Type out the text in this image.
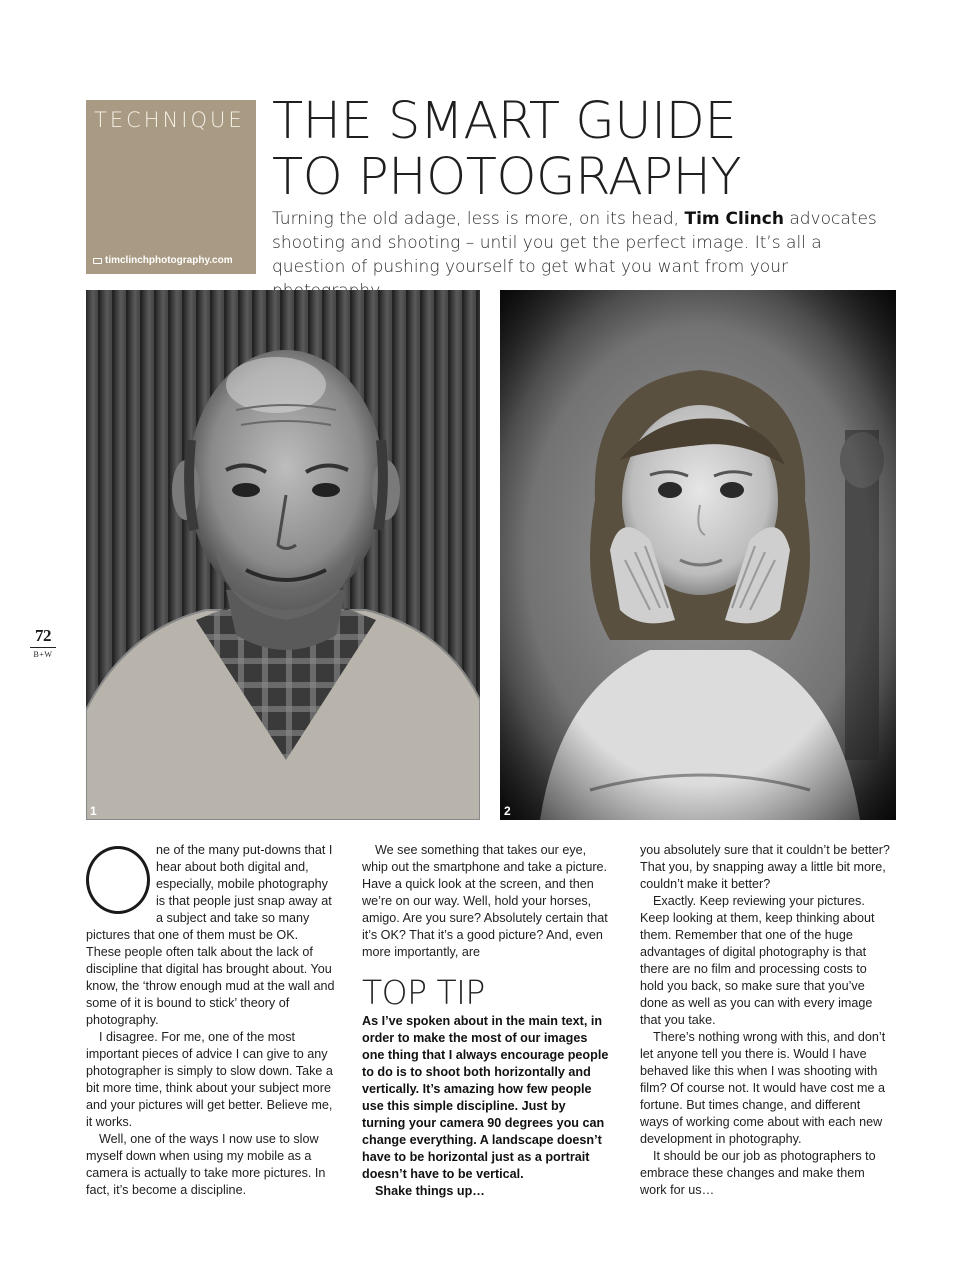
TECHNIQUE
timclinchphotography.com
THE SMART GUIDE
TO PHOTOGRAPHY

Turning the old adage, less is more, on its head, Tim Clinch advocates shooting and shooting – until you get the perfect image. It’s all a question of pushing yourself to get what you want from your

1	2
72
B+W

ne of the many put-downs that I hear about both digital and, especially, mobile photography is that people just snap away at a subject and take so many pictures that one of them must be OK. These people often talk about the lack of discipline that digital has brought about. You know, the ‘throw enough mud at the wall and some of it is bound to stick’ theory of photography.

I disagree. For me, one of the most important pieces of advice I can give to any photographer is simply to slow down. Take a bit more time, think about your subject more and your pictures will get better. Believe me, it works.

Well, one of the ways I now use to slow myself down when using my mobile as a camera is actually to take more pictures. In fact, it’s become a discipline.

We see something that takes our eye, whip out the smartphone and take a picture. Have a quick look at the screen, and then we’re on our way. Well, hold your horses, amigo. Are you sure? Absolutely certain that it’s OK? That it’s a good picture? And, even more importantly, are

TOP TIP

As I’ve spoken about in the main text, in order to make the most of our images one thing that I always encourage people to do is to shoot both horizontally and vertically. It’s amazing how few people use this simple discipline. Just by turning your camera 90 degrees you can change everything. A landscape doesn’t have to be horizontal just as a portrait doesn’t have to be vertical.

Shake things up…

you absolutely sure that it couldn’t be better? That you, by snapping away a little bit more, couldn’t make it better?

Exactly. Keep reviewing your pictures. Keep looking at them, keep thinking about them. Remember that one of the huge advantages of digital photography is that there are no film and processing costs to hold you back, so make sure that you’ve done as well as you can with every image that you take.

There’s nothing wrong with this, and don’t let anyone tell you there is. Would I have behaved like this when I was shooting with film? Of course not. It would have cost me a fortune. But times change, and different ways of working come about with each new development in photography.

It should be our job as photographers to embrace these changes and make them work for us…
